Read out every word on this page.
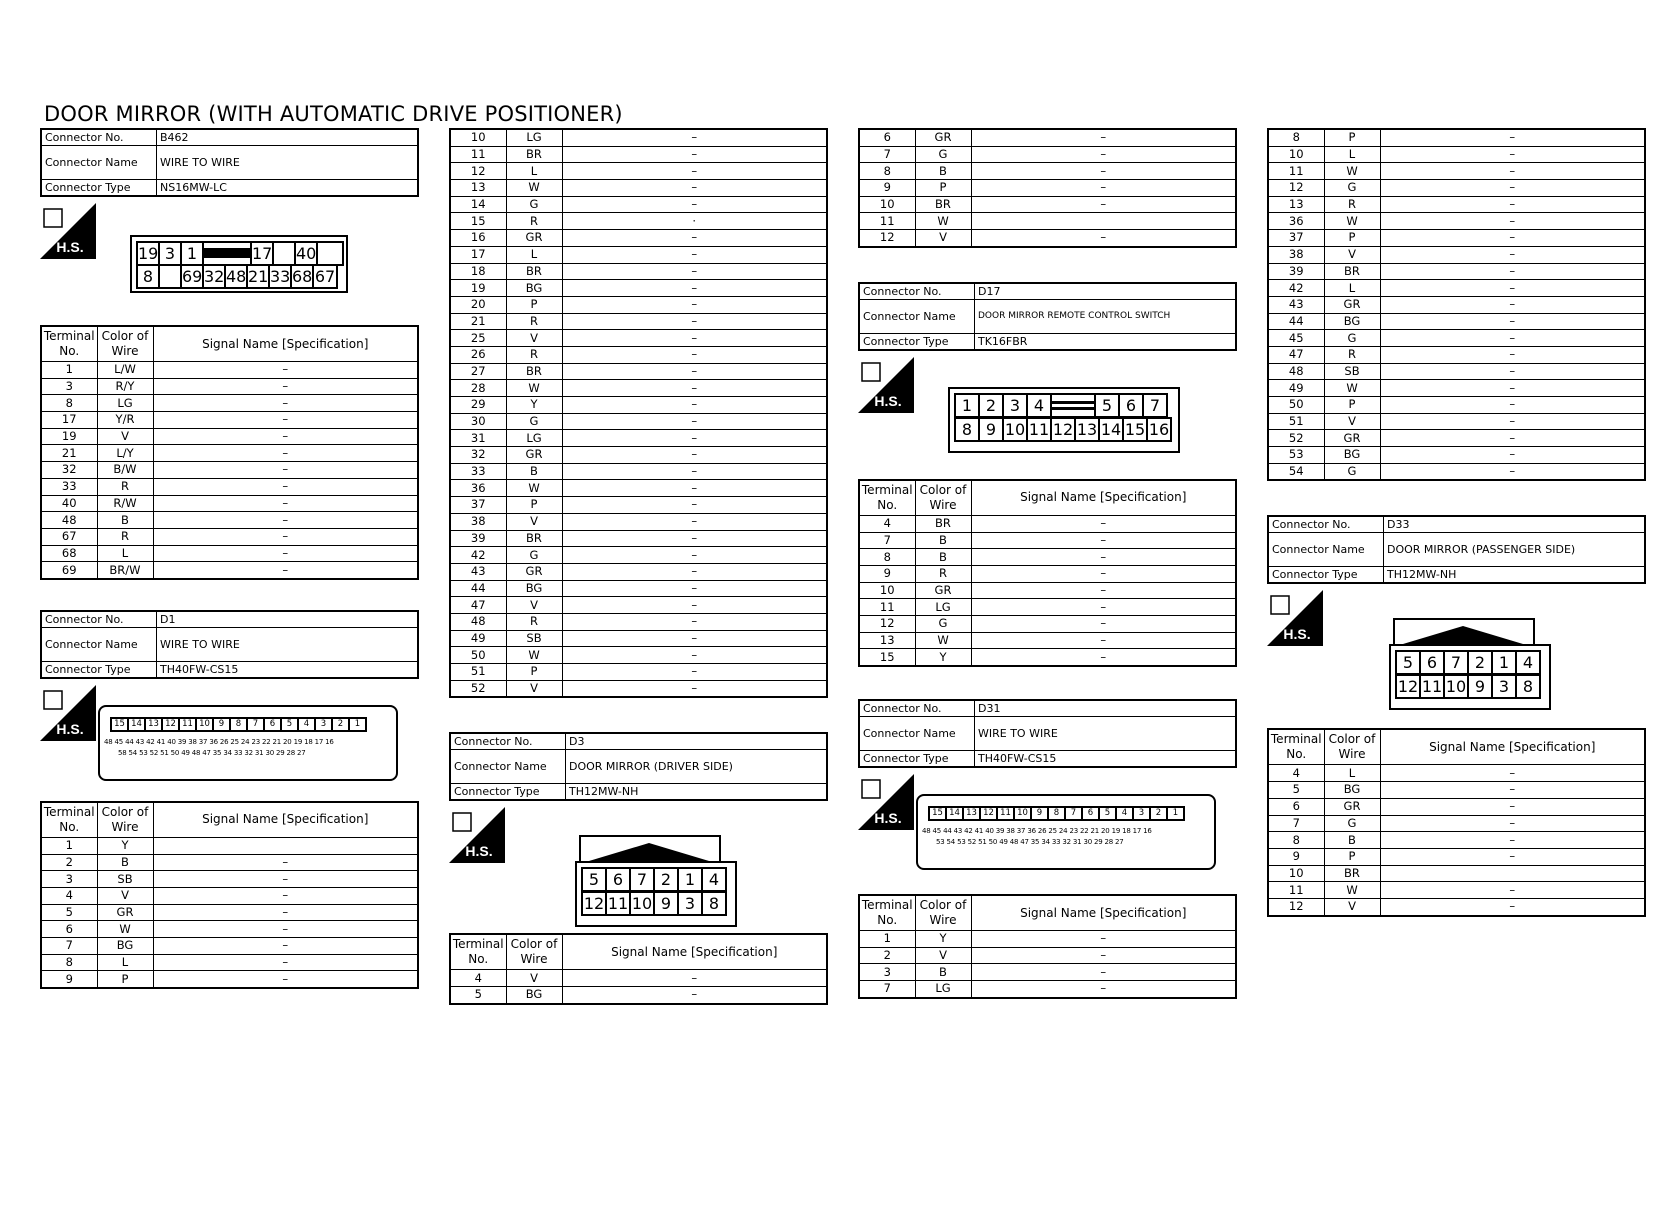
DOOR MIRROR (WITH AUTOMATIC DRIVE POSITIONER)
Connector No.	B462
Connector Name	WIRE TO WIRE
Connector Type	NS16MW-LC
H.S.	19 3 1	17 40
8	69 32 48 21 33 68 67
Terminal No.	Color of Wire	Signal Name [Specification]
1	L/W	–
3	R/Y	–
8	LG	–
17	Y/R	–
19	V	–
21	L/Y	–
32	B/W	–
33	R	–
40	R/W	–
48	B	–
67	R	–
68	L	–
69	BR/W	–
Connector No.	D1
Connector Name	WIRE TO WIRE
Connector Type	TH40FW-CS15
H.S.	15 14 13 12 11 10	9	8	7	6	5	4	3	2	1
48 45 44 43 42 41 40 39 38 37 36 26 25 24 23 22 21 20 19 18 17 16
58 54 53 52 51 50 49 48 47 35 34 33 32 31 30 29 28 27
Terminal No.	Color of Wire	Signal Name [Specification]
1	Y	
2	B	–
3	SB	–
4	V	–
5	GR	–
6	W	–
7	BG	–
8	L	–
9	P	–
10	LG	–
11	BR	–
12	L	–
13	W	–
14	G	–
15	R	·
16	GR	–
17	L	–
18	BR	–
19	BG	–
20	P	–
21	R	–
25	V	–
26	R	–
27	BR	–
28	W	–
29	Y	–
30	G	–
31	LG	–
32	GR	–
33	B	–
36	W	–
37	P	–
38	V	–
39	BR	–
42	G	–
43	GR	–
44	BG	–
47	V	–
48	R	–
49	SB	–
50	W	–
51	P	–
52	V	–
Connector No.	D3
Connector Name	DOOR MIRROR (DRIVER SIDE)
Connector Type	TH12MW-NH
H.S.
5 6 7 2 1 4
12 11 10 9 3 8
Terminal No.	Color of Wire	Signal Name [Specification]
4	V	–
5	BG	–
6	GR	–
7	G	–
8	B	–
9	P	–
10	BR	–
11	W	
12	V	–
Connector No.	D17
Connector Name	DOOR MIRROR REMOTE CONTROL SWITCH
Connector Type	TK16FBR
H.S.	1 2 3 4	5 6 7
8 9 10 11 12 13 14 15 16
Terminal No.	Color of Wire	Signal Name [Specification]
4	BR	–
7	B	–
8	B	–
9	R	–
10	GR	–
11	LG	–
12	G	–
13	W	–
15	Y	–
Connector No.	D31
Connector Name	WIRE TO WIRE
Connector Type	TH40FW-CS15
H.S.	15 14 13 12 11 10	9	8	7	6	5	4	3	2	1
48 45 44 43 42 41 40 39 38 37 36 26 25 24 23 22 21 20 19 18 17 16
53 54 53 52 51 50 49 48 47 35 34 33 32 31 30 29 28 27
Terminal No.	Color of Wire	Signal Name [Specification]
1	Y	–
2	V	–
3	B	–
7	LG	–
8	P	–
10	L	–
11	W	–
12	G	–
13	R	–
36	W	–
37	P	–
38	V	–
39	BR	–
42	L	–
43	GR	–
44	BG	–
45	G	–
47	R	–
48	SB	–
49	W	–
50	P	–
51	V	–
52	GR	–
53	BG	–
54	G	–
Connector No.	D33
Connector Name	DOOR MIRROR (PASSENGER SIDE)
Connector Type	TH12MW-NH
H.S.
5 6 7 2 1 4
12 11 10 9 3 8
Terminal No.	Color of Wire	Signal Name [Specification]
4	L	–
5	BG	–
6	GR	–
7	G	–
8	B	–
9	P	–
10	BR	
11	W	–
12	V	–
